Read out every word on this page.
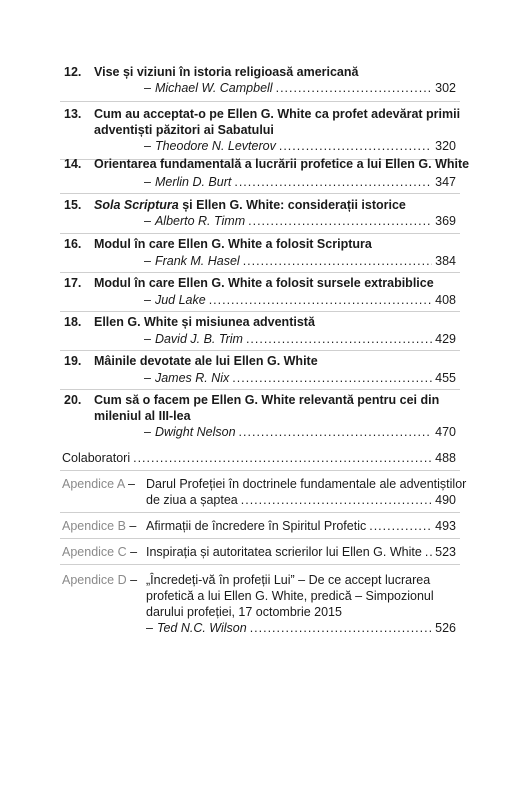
12. Vise și viziuni în istoria religioasă americană
– Michael W. Campbell .....	302
13. Cum au acceptat-o pe Ellen G. White ca profet adevărat primii
adventiști păzitori ai Sabatului
– Theodore N. Levterov .....	320
14. Orientarea fundamentală a lucrării profetice a lui Ellen G. White
– Merlin D. Burt .....	347
15. Sola Scriptura și Ellen G. White: considerații istorice
– Alberto R. Timm .....	369
16. Modul în care Ellen G. White a folosit Scriptura
– Frank M. Hasel .....	384
17. Modul în care Ellen G. White a folosit sursele extrabiblice
– Jud Lake .....	408
18. Ellen G. White și misiunea adventistă
– David J. B. Trim .....	429
19. Mâinile devotate ale lui Ellen G. White
– James R. Nix .....	455
20. Cum să o facem pe Ellen G. White relevantă pentru cei din
mileniul al III-lea
– Dwight Nelson .....	470
Colaboratori .....	488
Apendice A – Darul Profeției în doctrinele fundamentale ale adventiștilor
de ziua a șaptea .....	490
Apendice B – Afirmații de încredere în Spiritul Profetic .....	493
Apendice C – Inspirația și autoritatea scrierilor lui Ellen G. White ..... 523
Apendice D – „Încredeți-vă în profeții Lui” – De ce accept lucrarea
profetică a lui Ellen G. White, predică – Simpozionul
darului profeției, 17 octombrie 2015
– Ted N.C. Wilson .....	526
